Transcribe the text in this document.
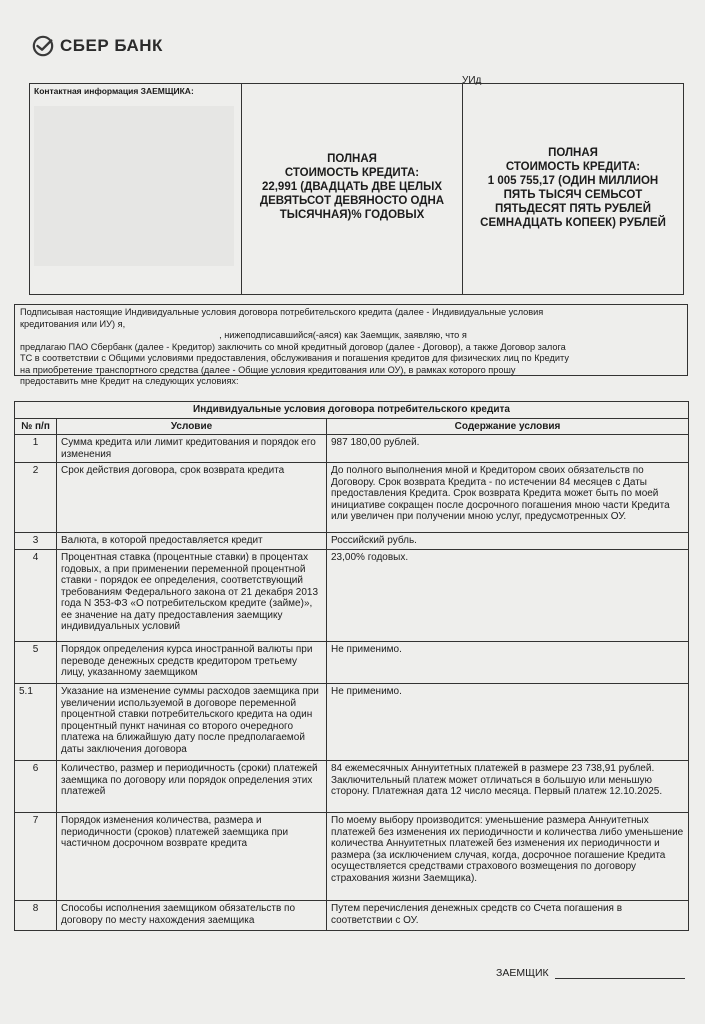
СБЕР БАНК
УИд
Контактная информация ЗАЕМЩИКА:
ПОЛНАЯ
СТОИМОСТЬ КРЕДИТА:
22,991 (ДВАДЦАТЬ ДВЕ ЦЕЛЫХ
ДЕВЯТЬСОТ ДЕВЯНОСТО ОДНА
ТЫСЯЧНАЯ)% ГОДОВЫХ
ПОЛНАЯ
СТОИМОСТЬ КРЕДИТА:
1 005 755,17 (ОДИН МИЛЛИОН
ПЯТЬ ТЫСЯЧ СЕМЬСОТ
ПЯТЬДЕСЯТ ПЯТЬ РУБЛЕЙ
СЕМНАДЦАТЬ КОПЕЕК) РУБЛЕЙ
Подписывая настоящие Индивидуальные условия договора потребительского кредита (далее - Индивидуальные условия
кредитования или ИУ) я,
, нижеподписавшийся(-аяся) как Заемщик, заявляю, что я
предлагаю ПАО Сбербанк (далее - Кредитор) заключить со мной кредитный договор (далее - Договор), а также Договор залога
ТС в соответствии с Общими условиями предоставления, обслуживания и погашения кредитов для физических лиц по Кредиту
на приобретение транспортного средства (далее - Общие условия кредитования или ОУ), в рамках которого прошу
предоставить мне Кредит на следующих условиях:
Индивидуальные условия договора потребительского кредита		
№ п/п	Условие	Содержание условия
1	Сумма кредита или лимит кредитования и порядок его изменения	987 180,00 рублей.
2	Срок действия договора, срок возврата кредита	До полного выполнения мной и Кредитором своих обязательств по Договору. Срок возврата Кредита - по истечении 84 месяцев с Даты предоставления Кредита. Срок возврата Кредита может быть по моей инициативе сокращен после досрочного погашения мною части Кредита или увеличен при получении мною услуг, предусмотренных ОУ.
3	Валюта, в которой предоставляется кредит	Российский рубль.
4	Процентная ставка (процентные ставки) в процентах годовых, а при применении переменной процентной ставки - порядок ее определения, соответствующий требованиям Федерального закона от 21 декабря 2013 года N 353-ФЗ «О потребительском кредите (займе)», ее значение на дату предоставления заемщику индивидуальных условий	23,00% годовых.
5	Порядок определения курса иностранной валюты при переводе денежных средств кредитором третьему лицу, указанному заемщиком	Не применимо.
5.1	Указание на изменение суммы расходов заемщика при увеличении используемой в договоре переменной процентной ставки потребительского кредита на один процентный пункт начиная со второго очередного платежа на ближайшую дату после предполагаемой даты заключения договора	Не применимо.
6	Количество, размер и периодичность (сроки) платежей заемщика по договору или порядок определения этих платежей	84 ежемесячных Аннуитетных платежей в размере 23 738,91 рублей. Заключительный платеж может отличаться в большую или меньшую сторону. Платежная дата 12 число месяца. Первый платеж 12.10.2025.
7	Порядок изменения количества, размера и периодичности (сроков) платежей заемщика при частичном досрочном возврате кредита	По моему выбору производится: уменьшение размера Аннуитетных платежей без изменения их периодичности и количества либо уменьшение количества Аннуитетных платежей без изменения их периодичности и размера (за исключением случая, когда, досрочное погашение Кредита осуществляется средствами страхового возмещения по договору страхования жизни Заемщика).
8	Способы исполнения заемщиком обязательств по договору по месту нахождения заемщика	Путем перечисления денежных средств со Счета погашения в соответствии с ОУ.
ЗАЕМЩИК
